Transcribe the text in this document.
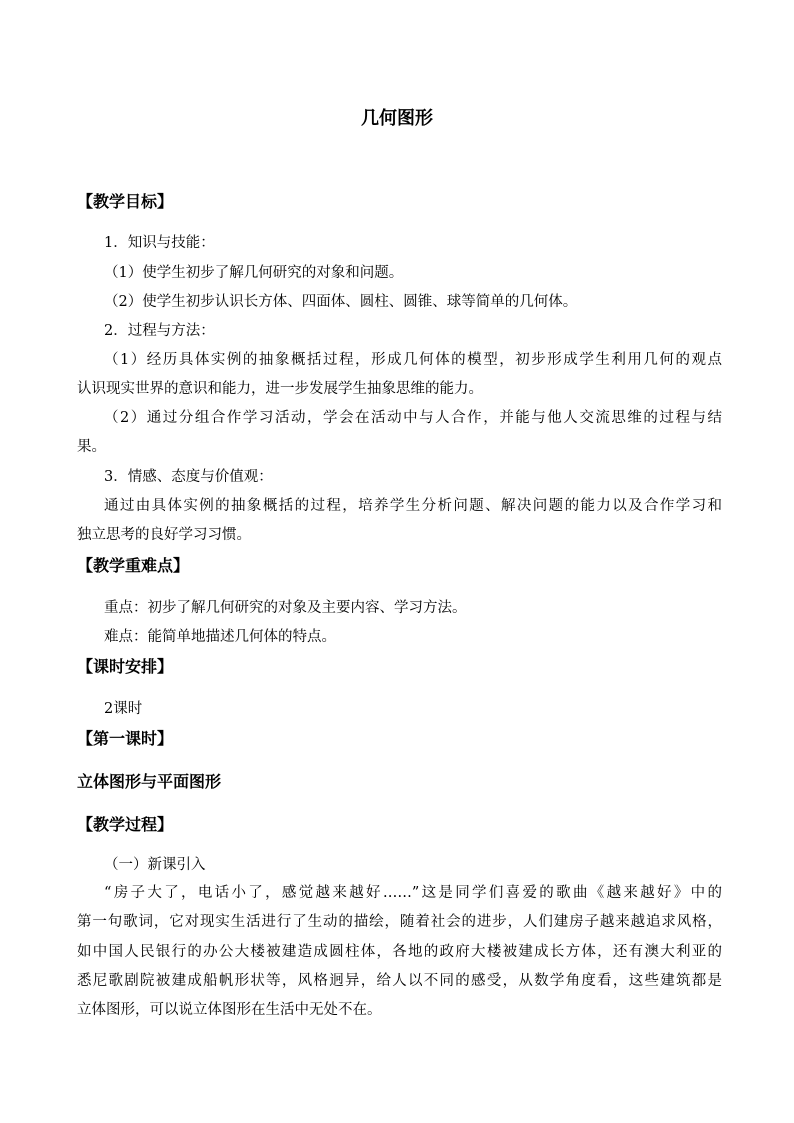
几何图形
【教学目标】
1．知识与技能：
（1）使学生初步了解几何研究的对象和问题。
（2）使学生初步认识长方体、四面体、圆柱、圆锥、球等简单的几何体。
2．过程与方法：
（1）经历具体实例的抽象概括过程，形成几何体的模型，初步形成学生利用几何的观点
认识现实世界的意识和能力，进一步发展学生抽象思维的能力。
（2）通过分组合作学习活动，学会在活动中与人合作，并能与他人交流思维的过程与结
果。
3．情感、态度与价值观：
通过由具体实例的抽象概括的过程，培养学生分析问题、解决问题的能力以及合作学习和
独立思考的良好学习习惯。
【教学重难点】
重点：初步了解几何研究的对象及主要内容、学习方法。
难点：能简单地描述几何体的特点。
【课时安排】
2课时
【第一课时】
立体图形与平面图形
【教学过程】
（一）新课引入
“房子大了，电话小了，感觉越来越好……”这是同学们喜爱的歌曲《越来越好》中的
第一句歌词，它对现实生活进行了生动的描绘，随着社会的进步，人们建房子越来越追求风格，
如中国人民银行的办公大楼被建造成圆柱体，各地的政府大楼被建成长方体，还有澳大利亚的
悉尼歌剧院被建成船帆形状等，风格迥异，给人以不同的感受，从数学角度看，这些建筑都是
立体图形，可以说立体图形在生活中无处不在。
